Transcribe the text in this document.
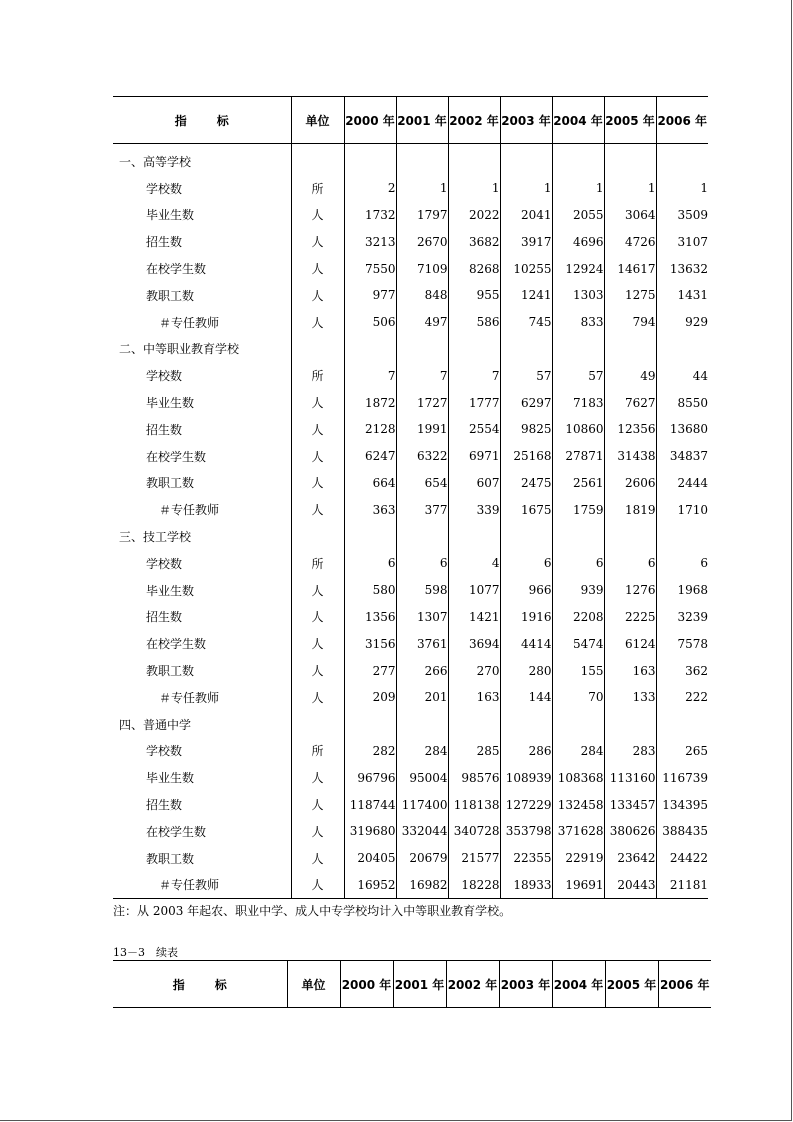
指标	单位	2000 年	2001 年	2002 年	2003 年	2004 年	2005 年	2006 年
一、高等学校								
学校数	所	2	1	1	1	1	1	1
毕业生数	人	1732	1797	2022	2041	2055	3064	3509
招生数	人	3213	2670	3682	3917	4696	4726	3107
在校学生数	人	7550	7109	8268	10255	12924	14617	13632
教职工数	人	977	848	955	1241	1303	1275	1431
＃专任教师	人	506	497	586	745	833	794	929
二、中等职业教育学校								
学校数	所	7	7	7	57	57	49	44
毕业生数	人	1872	1727	1777	6297	7183	7627	8550
招生数	人	2128	1991	2554	9825	10860	12356	13680
在校学生数	人	6247	6322	6971	25168	27871	31438	34837
教职工数	人	664	654	607	2475	2561	2606	2444
＃专任教师	人	363	377	339	1675	1759	1819	1710
三、技工学校								
学校数	所	6	6	4	6	6	6	6
毕业生数	人	580	598	1077	966	939	1276	1968
招生数	人	1356	1307	1421	1916	2208	2225	3239
在校学生数	人	3156	3761	3694	4414	5474	6124	7578
教职工数	人	277	266	270	280	155	163	362
＃专任教师	人	209	201	163	144	70	133	222
四、普通中学								
学校数	所	282	284	285	286	284	283	265
毕业生数	人	96796	95004	98576	108939	108368	113160	116739
招生数	人	118744	117400	118138	127229	132458	133457	134395
在校学生数	人	319680	332044	340728	353798	371628	380626	388435
教职工数	人	20405	20679	21577	22355	22919	23642	24422
＃专任教师	人	16952	16982	18228	18933	19691	20443	21181
注：从 2003 年起农、职业中学、成人中专学校均计入中等职业教育学校。
13－3　续表
指标	单位	2000 年	2001 年	2002 年	2003 年	2004 年	2005 年	2006 年
